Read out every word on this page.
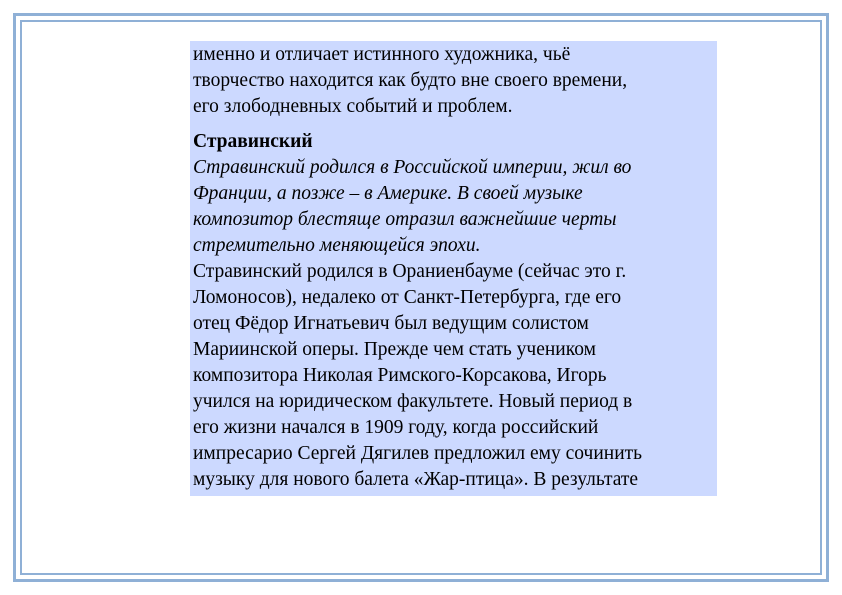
именно и отличает истинного художника, чьё
творчество находится как будто вне своего времени,
его злободневных событий и проблем.
Стравинский
Стравинский родился в Российской империи, жил во
Франции, а позже – в Америке. В своей музыке
композитор блестяще отразил важнейшие черты
стремительно меняющейся эпохи.
Стравинский родился в Ораниенбауме (сейчас это г.
Ломоносов), недалеко от Санкт-Петербурга, где его
отец Фёдор Игнатьевич был ведущим солистом
Мариинской оперы. Прежде чем стать учеником
композитора Николая Римского-Корсакова, Игорь
учился на юридическом факультете. Новый период в
его жизни начался в 1909 году, когда российский
импресарио Сергей Дягилев предложил ему сочинить
музыку для нового балета «Жар-птица». В результате
